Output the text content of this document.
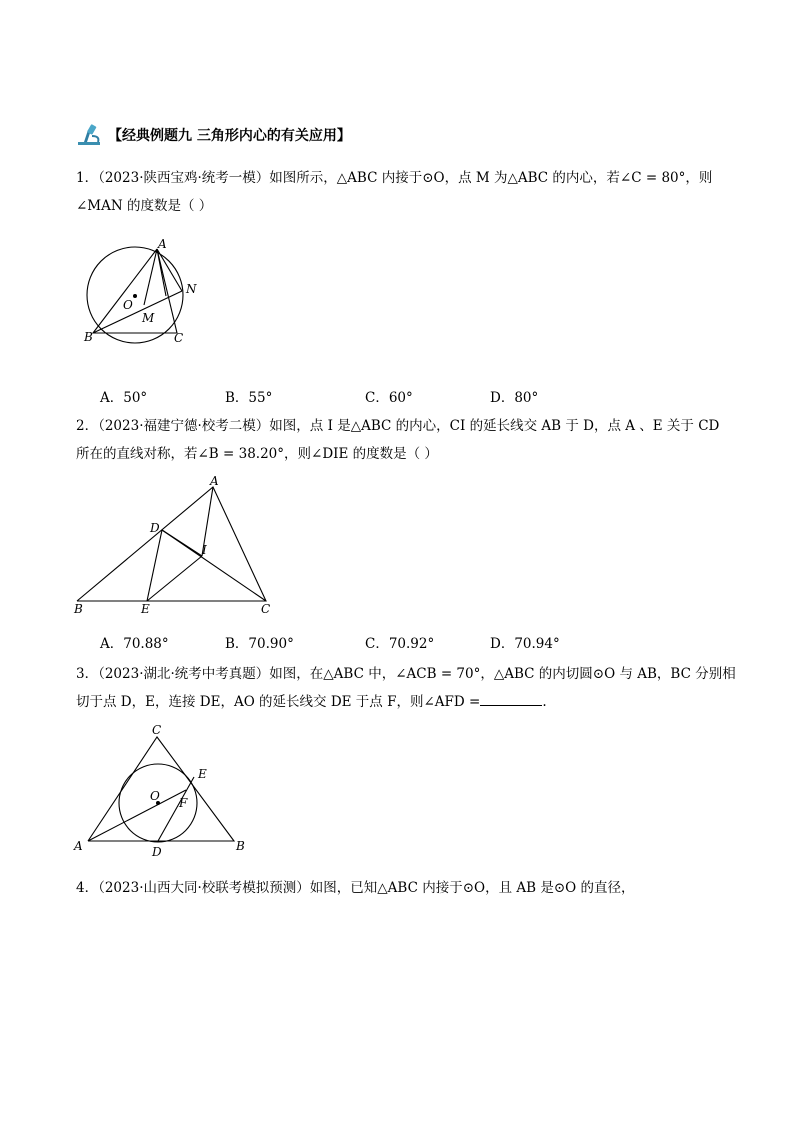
【经典例题九 三角形内心的有关应用】
1．（2023·陕西宝鸡·统考一模）如图所示，△ABC 内接于⊙O，点 M 为△ABC 的内心，若∠C = 80°，则
∠MAN 的度数是（ ）
A
N
O
M
B	C
A．50°	B．55°	C．60°	D．80°
2．（2023·福建宁德·校考二模）如图，点 I 是△ABC 的内心，CI 的延长线交 AB 于 D，点 A 、E 关于 CD
所在的直线对称，若∠B = 38.20°，则∠DIE 的度数是（ ）
A
D
I
B	E	C
A．70.88°	B．70.90°	C．70.92°	D．70.94°
3．（2023·湖北·统考中考真题）如图，在△ABC 中，∠ACB = 70°，△ABC 的内切圆⊙O 与 AB，BC 分别相
切于点 D，E，连接 DE，AO 的延长线交 DE 于点 F，则∠AFD =	.
C
E
O F
A	D	B
4．（2023·山西大同·校联考模拟预测）如图，已知△ABC 内接于⊙O，且 AB 是⊙O 的直径，
